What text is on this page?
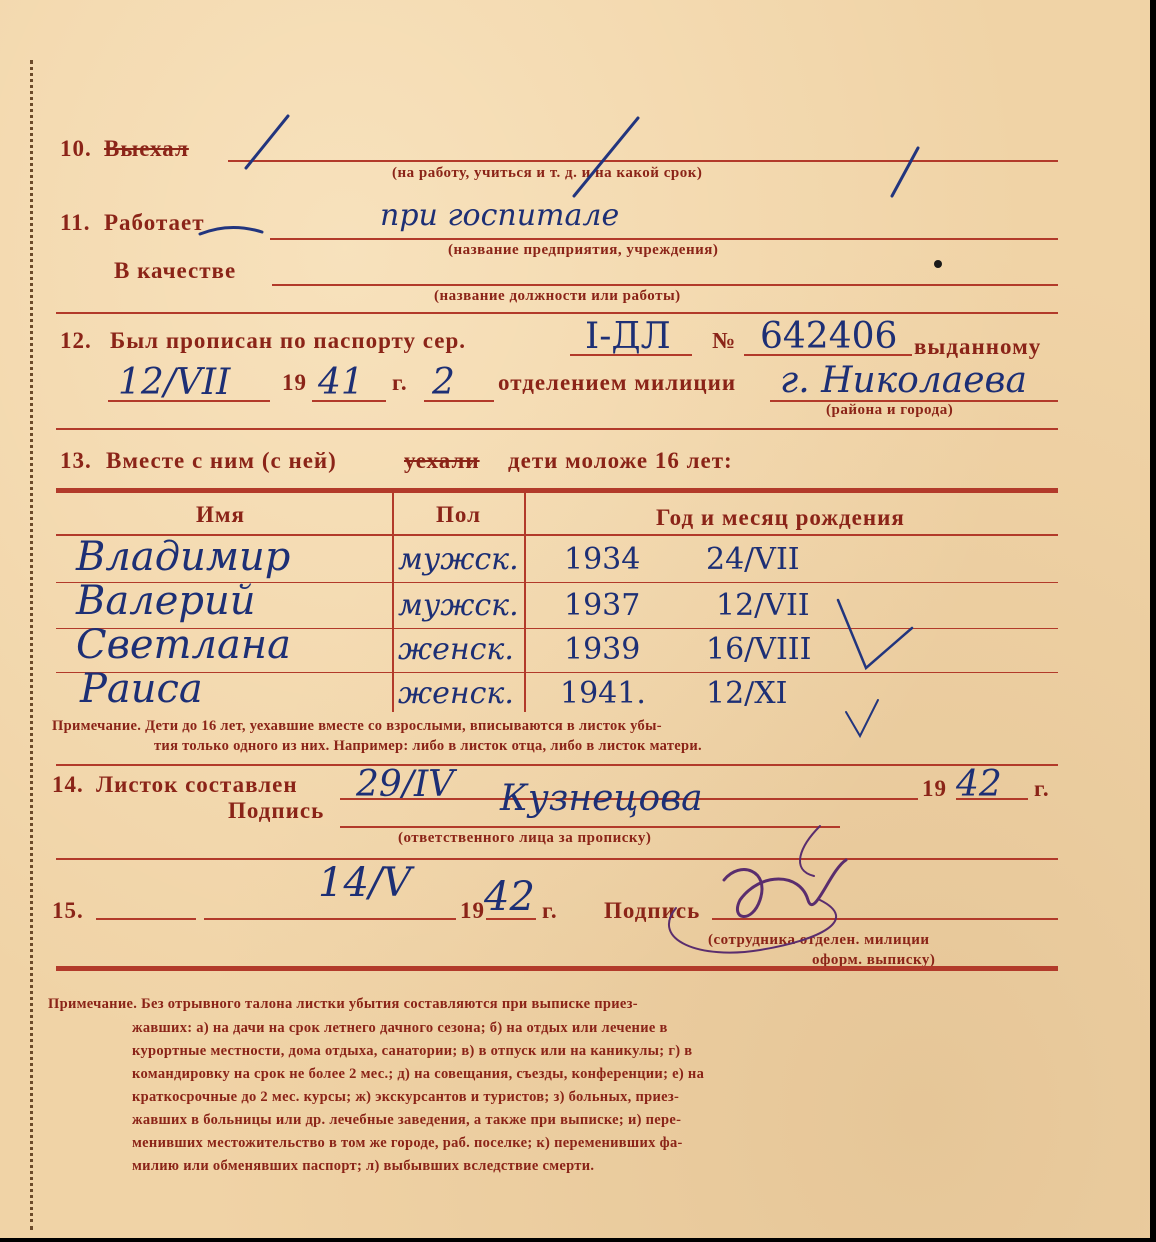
10. Выехал
(на работу, учиться и т. д. и на какой срок)
11. Работает	при госпитале
(название предприятия, учреждения)
В качестве
(название должности или работы)
12. Был прописан по паспорту сер.	I-ДЛ № 642406 выданному
12/VII 19 41 г. 2 отделением милиции г. Николаева
(района и города)
13. Вместе с ним (с ней)	уехали дети моложе 16 лет:
Имя	Пол	Год и месяц рождения
Владимир	мужск. 1934 24/VII
Валерий	мужск. 1937	12/VII
Светлана	женск. 1939 16/VIII
Раиса	женск. 1941. 12/XI
Примечание. Дети до 16 лет, уехавшие вместе со взрослыми, вписываются в листок убы-
тия только одного из них. Например: либо в листок отца, либо в листок матери.
14. Листок составлен 29/IV	19 42 г.
Подпись	Кузнецова
(ответственного лица за прописку)
15.
14/V
19 42 г. Подпись
(сотрудника отделен. милиции
оформ. выписку)
Примечание. Без отрывного талона листки убытия составляются при выписке приез-
жавших: а) на дачи на срок летнего дачного сезона; б) на отдых или лечение в
курортные местности, дома отдыха, санатории; в) в отпуск или на каникулы; г) в
командировку на срок не более 2 мес.; д) на совещания, съезды, конференции; е) на
краткосрочные до 2 мес. курсы; ж) экскурсантов и туристов; з) больных, приез-
жавших в больницы или др. лечебные заведения, а также при выписке; и) пере-
менивших местожительство в том же городе, раб. поселке; к) переменивших фа-
милию или обменявших паспорт; л) выбывших вследствие смерти.
